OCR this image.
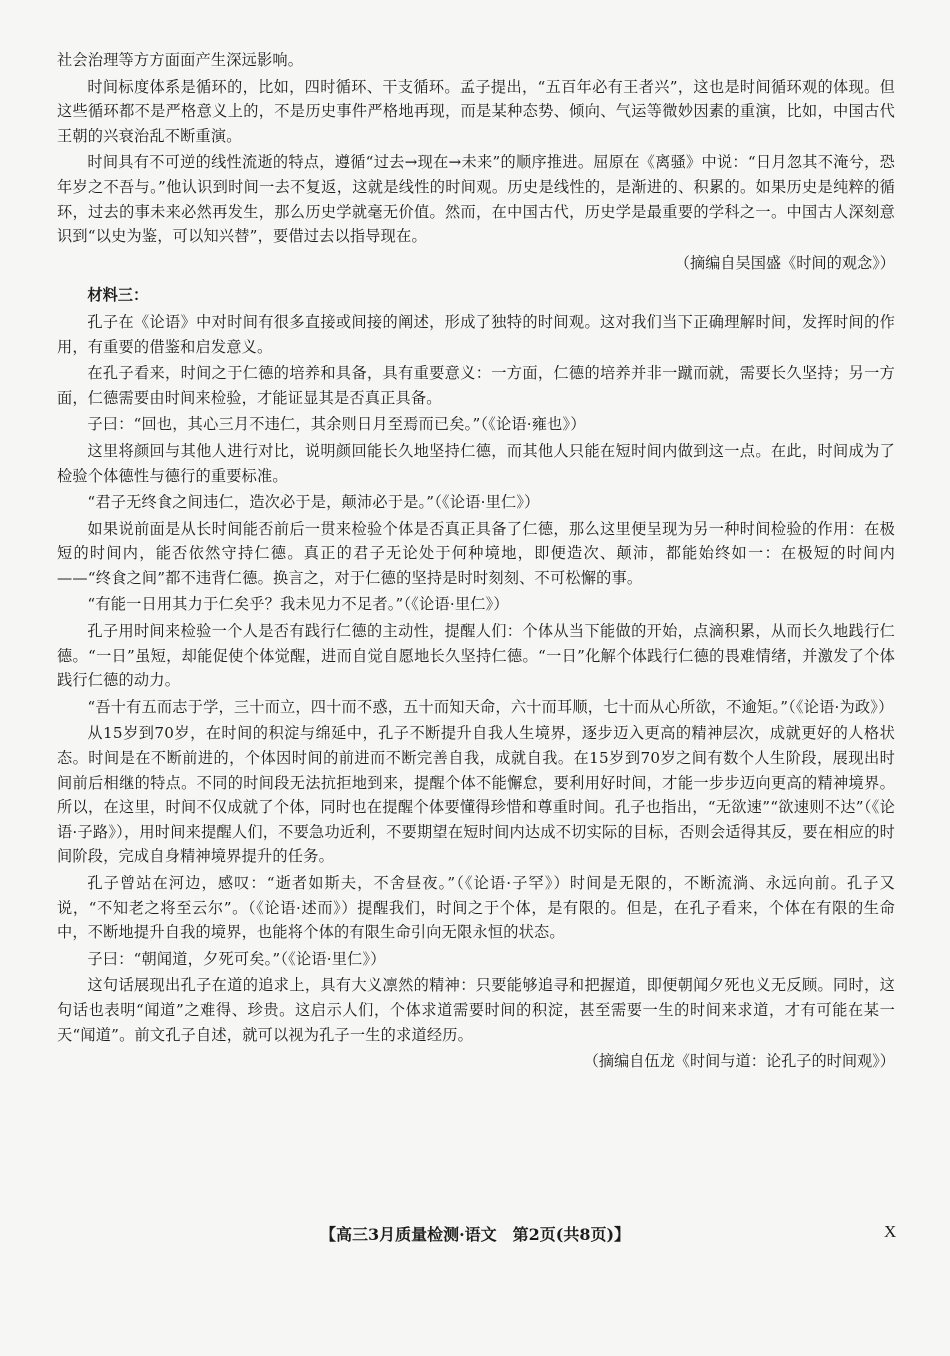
社会治理等方方面面产生深远影响。

时间标度体系是循环的，比如，四时循环、干支循环。孟子提出，“五百年必有王者兴”，这也是时间循环观的体现。但这些循环都不是严格意义上的，不是历史事件严格地再现，而是某种态势、倾向、气运等微妙因素的重演，比如，中国古代王朝的兴衰治乱不断重演。

时间具有不可逆的线性流逝的特点，遵循“过去→现在→未来”的顺序推进。屈原在《离骚》中说：“日月忽其不淹兮，恐年岁之不吾与。”他认识到时间一去不复返，这就是线性的时间观。历史是线性的，是渐进的、积累的。如果历史是纯粹的循环，过去的事未来必然再发生，那么历史学就毫无价值。然而，在中国古代，历史学是最重要的学科之一。中国古人深刻意识到“以史为鉴，可以知兴替”，要借过去以指导现在。

（摘编自吴国盛《时间的观念》）

材料三：

孔子在《论语》中对时间有很多直接或间接的阐述，形成了独特的时间观。这对我们当下正确理解时间，发挥时间的作用，有重要的借鉴和启发意义。

在孔子看来，时间之于仁德的培养和具备，具有重要意义：一方面，仁德的培养并非一蹴而就，需要长久坚持；另一方面，仁德需要由时间来检验，才能证显其是否真正具备。

子曰：“回也，其心三月不违仁，其余则日月至焉而已矣。”（《论语·雍也》）

这里将颜回与其他人进行对比，说明颜回能长久地坚持仁德，而其他人只能在短时间内做到这一点。在此，时间成为了检验个体德性与德行的重要标准。

“君子无终食之间违仁，造次必于是，颠沛必于是。”（《论语·里仁》）

如果说前面是从长时间能否前后一贯来检验个体是否真正具备了仁德，那么这里便呈现为另一种时间检验的作用：在极短的时间内，能否依然守持仁德。真正的君子无论处于何种境地，即便造次、颠沛，都能始终如一：在极短的时间内——“终食之间”都不违背仁德。换言之，对于仁德的坚持是时时刻刻、不可松懈的事。

“有能一日用其力于仁矣乎？我未见力不足者。”（《论语·里仁》）

孔子用时间来检验一个人是否有践行仁德的主动性，提醒人们：个体从当下能做的开始，点滴积累，从而长久地践行仁德。“一日”虽短，却能促使个体觉醒，进而自觉自愿地长久坚持仁德。“一日”化解个体践行仁德的畏难情绪，并激发了个体践行仁德的动力。

“吾十有五而志于学，三十而立，四十而不惑，五十而知天命，六十而耳顺，七十而从心所欲，不逾矩。”（《论语·为政》）

从15岁到70岁，在时间的积淀与绵延中，孔子不断提升自我人生境界，逐步迈入更高的精神层次，成就更好的人格状态。时间是在不断前进的，个体因时间的前进而不断完善自我，成就自我。在15岁到70岁之间有数个人生阶段，展现出时间前后相继的特点。不同的时间段无法抗拒地到来，提醒个体不能懈怠，要利用好时间，才能一步步迈向更高的精神境界。所以，在这里，时间不仅成就了个体，同时也在提醒个体要懂得珍惜和尊重时间。孔子也指出，“无欲速”“欲速则不达”（《论语·子路》），用时间来提醒人们，不要急功近利，不要期望在短时间内达成不切实际的目标，否则会适得其反，要在相应的时间阶段，完成自身精神境界提升的任务。

孔子曾站在河边，感叹：“逝者如斯夫，不舍昼夜。”（《论语·子罕》）时间是无限的，不断流淌、永远向前。孔子又说，“不知老之将至云尔”。（《论语·述而》）提醒我们，时间之于个体，是有限的。但是，在孔子看来，个体在有限的生命中，不断地提升自我的境界，也能将个体的有限生命引向无限永恒的状态。

子曰：“朝闻道，夕死可矣。”（《论语·里仁》）

这句话展现出孔子在道的追求上，具有大义凛然的精神：只要能够追寻和把握道，即便朝闻夕死也义无反顾。同时，这句话也表明“闻道”之难得、珍贵。这启示人们，个体求道需要时间的积淀，甚至需要一生的时间来求道，才有可能在某一天“闻道”。前文孔子自述，就可以视为孔子一生的求道经历。

（摘编自伍龙《时间与道：论孔子的时间观》）

【高三3月质量检测·语文　第2页(共8页)】	X
